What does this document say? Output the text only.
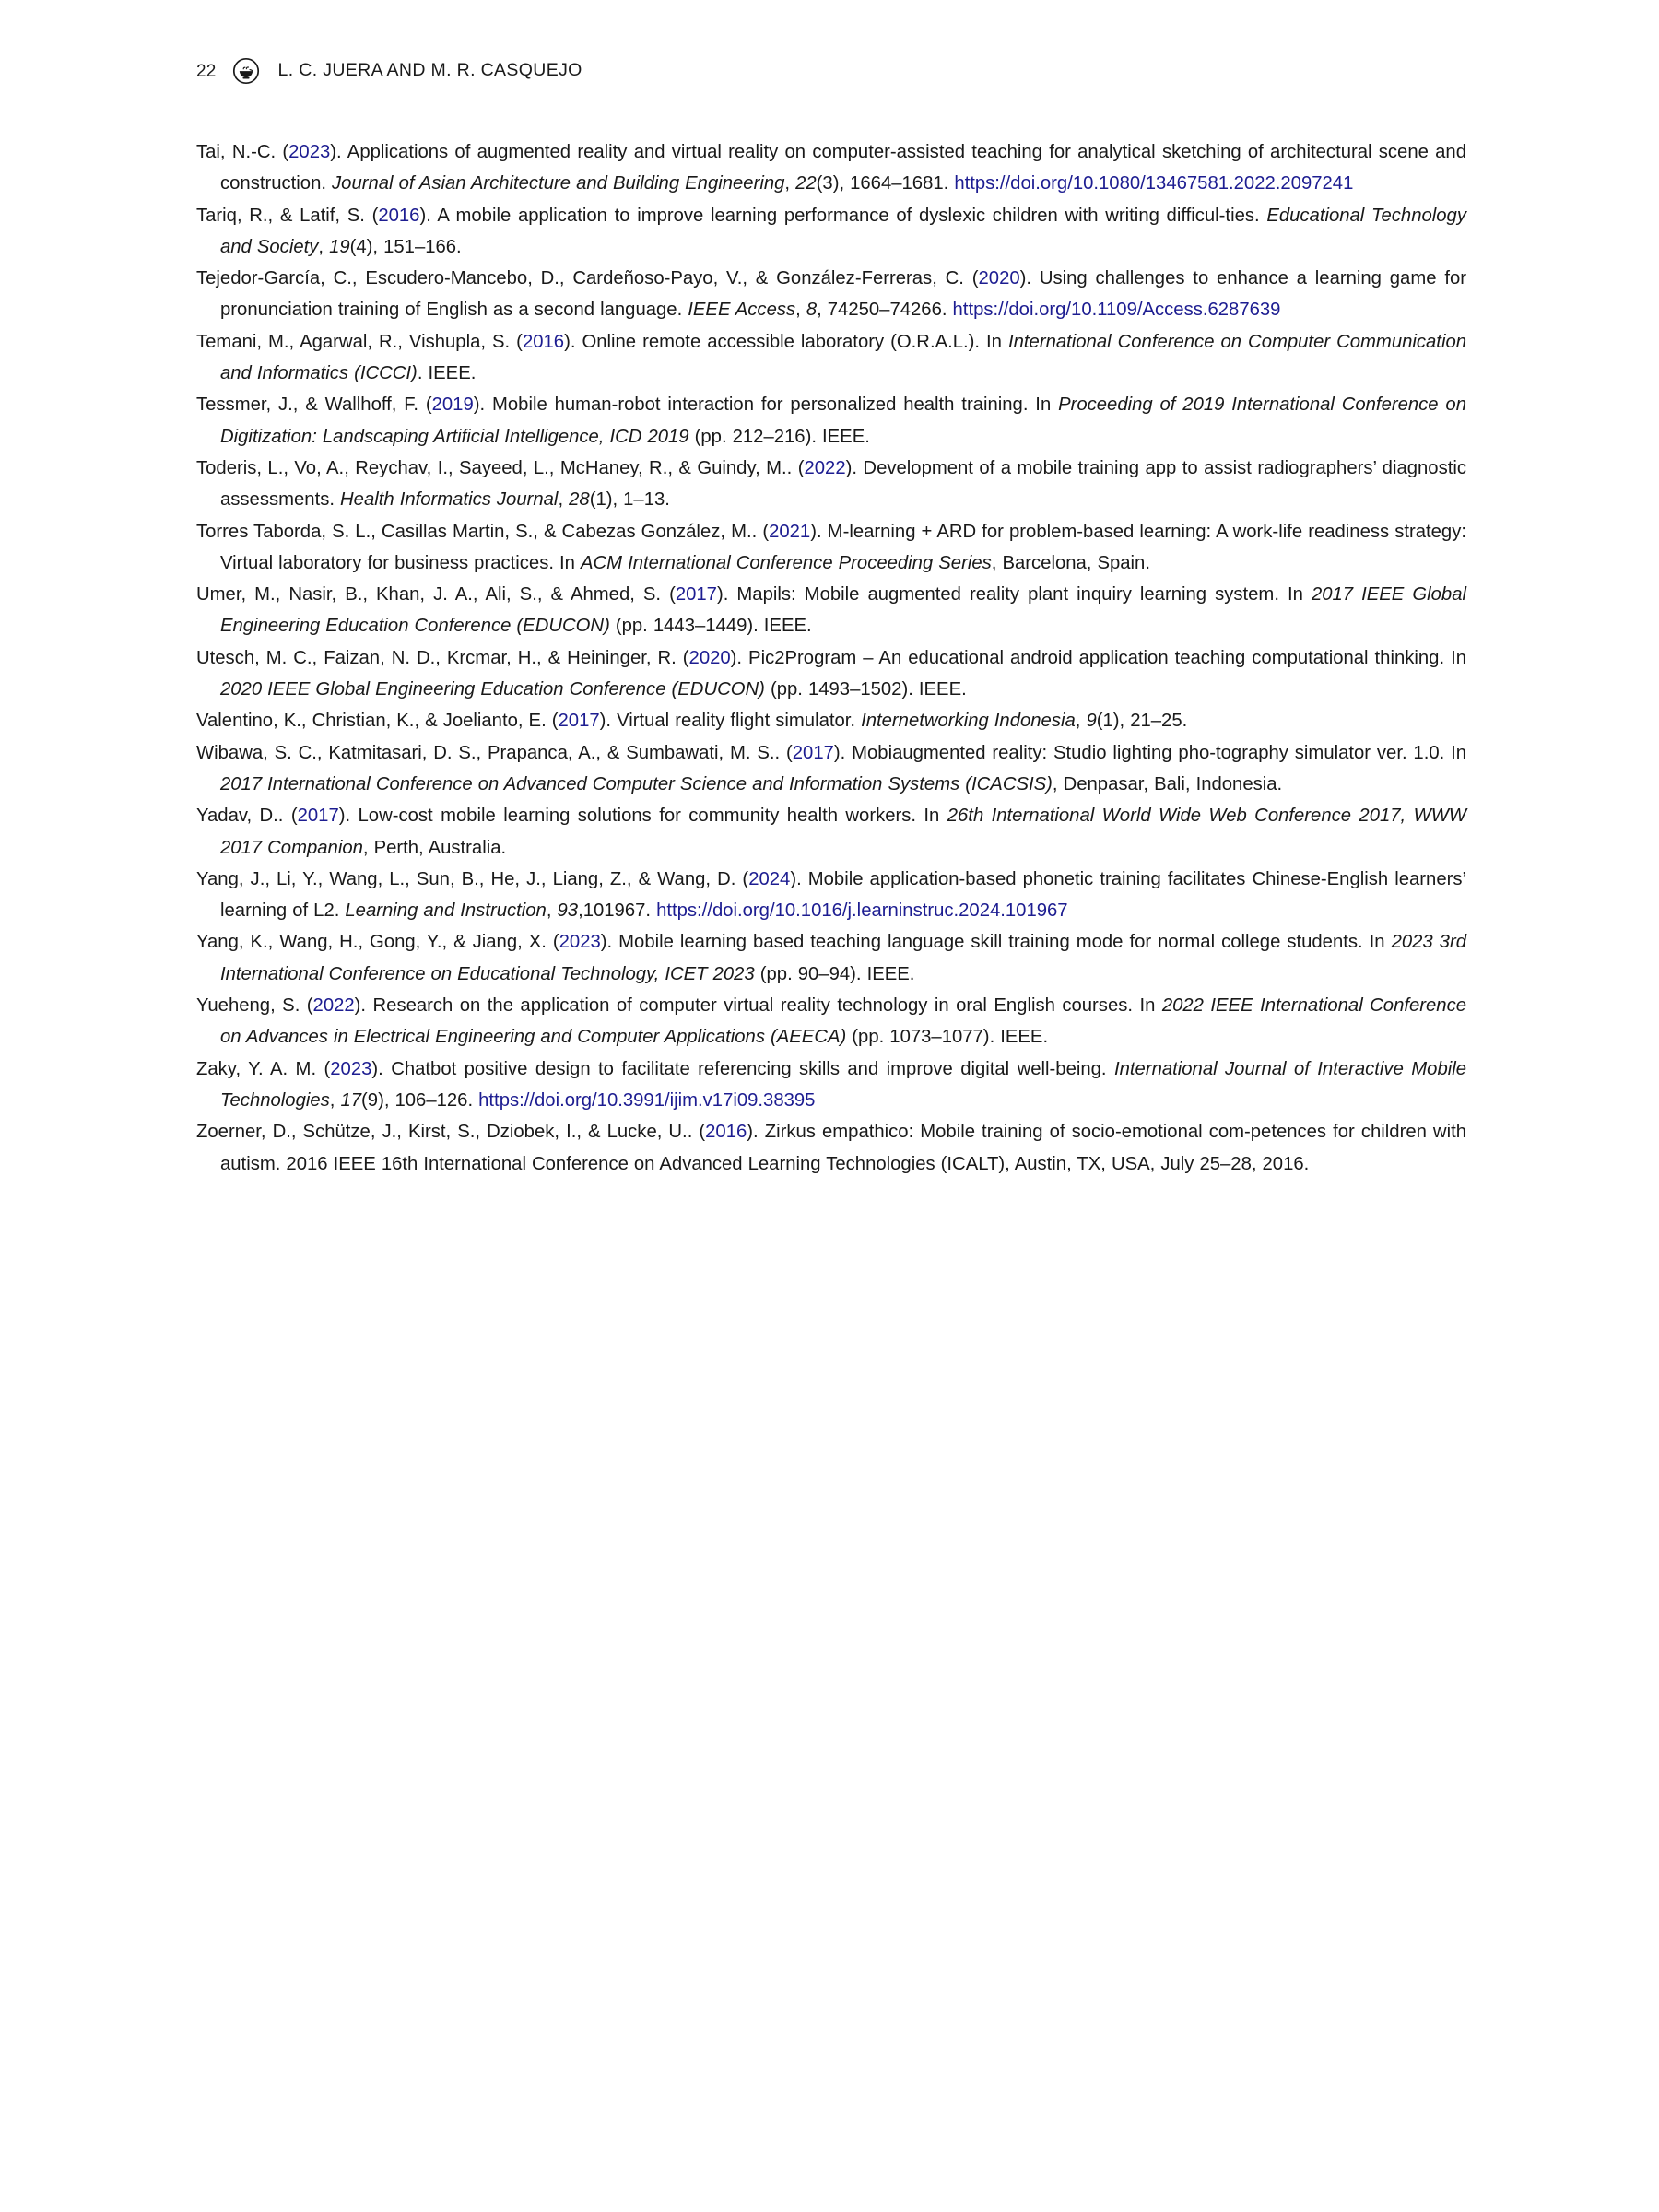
22	L. C. JUERA AND M. R. CASQUEJO

Tai, N.-C. (2023). Applications of augmented reality and virtual reality on computer-assisted teaching for analytical sketching of architectural scene and construction. Journal of Asian Architecture and Building Engineering, 22(3), 1664–1681. https://doi.org/10.1080/13467581.2022.2097241

Tariq, R., & Latif, S. (2016). A mobile application to improve learning performance of dyslexic children with writing difficul‐ties. Educational Technology and Society, 19(4), 151–166.

Tejedor-García, C., Escudero-Mancebo, D., Cardeñoso-Payo, V., & González-Ferreras, C. (2020). Using challenges to enhance a learning game for pronunciation training of English as a second language. IEEE Access, 8, 74250–74266. https://doi.org/10.1109/Access.6287639

Temani, M., Agarwal, R., Vishupla, S. (2016). Online remote accessible laboratory (O.R.A.L.). In International Conference on Computer Communication and Informatics (ICCCI). IEEE.

Tessmer, J., & Wallhoff, F. (2019). Mobile human-robot interaction for personalized health training. In Proceeding of 2019 International Conference on Digitization: Landscaping Artificial Intelligence, ICD 2019 (pp. 212–216). IEEE.

Toderis, L., Vo, A., Reychav, I., Sayeed, L., McHaney, R., & Guindy, M.. (2022). Development of a mobile training app to assist radiographers’ diagnostic assessments. Health Informatics Journal, 28(1), 1–13.

Torres Taborda, S. L., Casillas Martin, S., & Cabezas González, M.. (2021). M-learning + ARD for problem-based learning: A work-life readiness strategy: Virtual laboratory for business practices. In ACM International Conference Proceeding Series, Barcelona, Spain.

Umer, M., Nasir, B., Khan, J. A., Ali, S., & Ahmed, S. (2017). Mapils: Mobile augmented reality plant inquiry learning system. In 2017 IEEE Global Engineering Education Conference (EDUCON) (pp. 1443–1449). IEEE.

Utesch, M. C., Faizan, N. D., Krcmar, H., & Heininger, R. (2020). Pic2Program – An educational android application teaching computational thinking. In 2020 IEEE Global Engineering Education Conference (EDUCON) (pp. 1493–1502). IEEE.

Valentino, K., Christian, K., & Joelianto, E. (2017). Virtual reality flight simulator. Internetworking Indonesia, 9(1), 21–25.

Wibawa, S. C., Katmitasari, D. S., Prapanca, A., & Sumbawati, M. S.. (2017). Mobiaugmented reality: Studio lighting pho‐tography simulator ver. 1.0. In 2017 International Conference on Advanced Computer Science and Information Systems (ICACSIS), Denpasar, Bali, Indonesia.

Yadav, D.. (2017). Low-cost mobile learning solutions for community health workers. In 26th International World Wide Web Conference 2017, WWW 2017 Companion, Perth, Australia.

Yang, J., Li, Y., Wang, L., Sun, B., He, J., Liang, Z., & Wang, D. (2024). Mobile application-based phonetic training facilitates Chinese-English learners’ learning of L2. Learning and Instruction, 93,101967. https://doi.org/10.1016/j.learninstruc.2024.101967

Yang, K., Wang, H., Gong, Y., & Jiang, X. (2023). Mobile learning based teaching language skill training mode for normal college students. In 2023 3rd International Conference on Educational Technology, ICET 2023 (pp. 90–94). IEEE.

Yueheng, S. (2022). Research on the application of computer virtual reality technology in oral English courses. In 2022 IEEE International Conference on Advances in Electrical Engineering and Computer Applications (AEECA) (pp. 1073–1077). IEEE.

Zaky, Y. A. M. (2023). Chatbot positive design to facilitate referencing skills and improve digital well-being. International Journal of Interactive Mobile Technologies, 17(9), 106–126. https://doi.org/10.3991/ijim.v17i09.38395

Zoerner, D., Schütze, J., Kirst, S., Dziobek, I., & Lucke, U.. (2016). Zirkus empathico: Mobile training of socio-emotional com‐petences for children with autism. 2016 IEEE 16th International Conference on Advanced Learning Technologies (ICALT), Austin, TX, USA, July 25–28, 2016.
